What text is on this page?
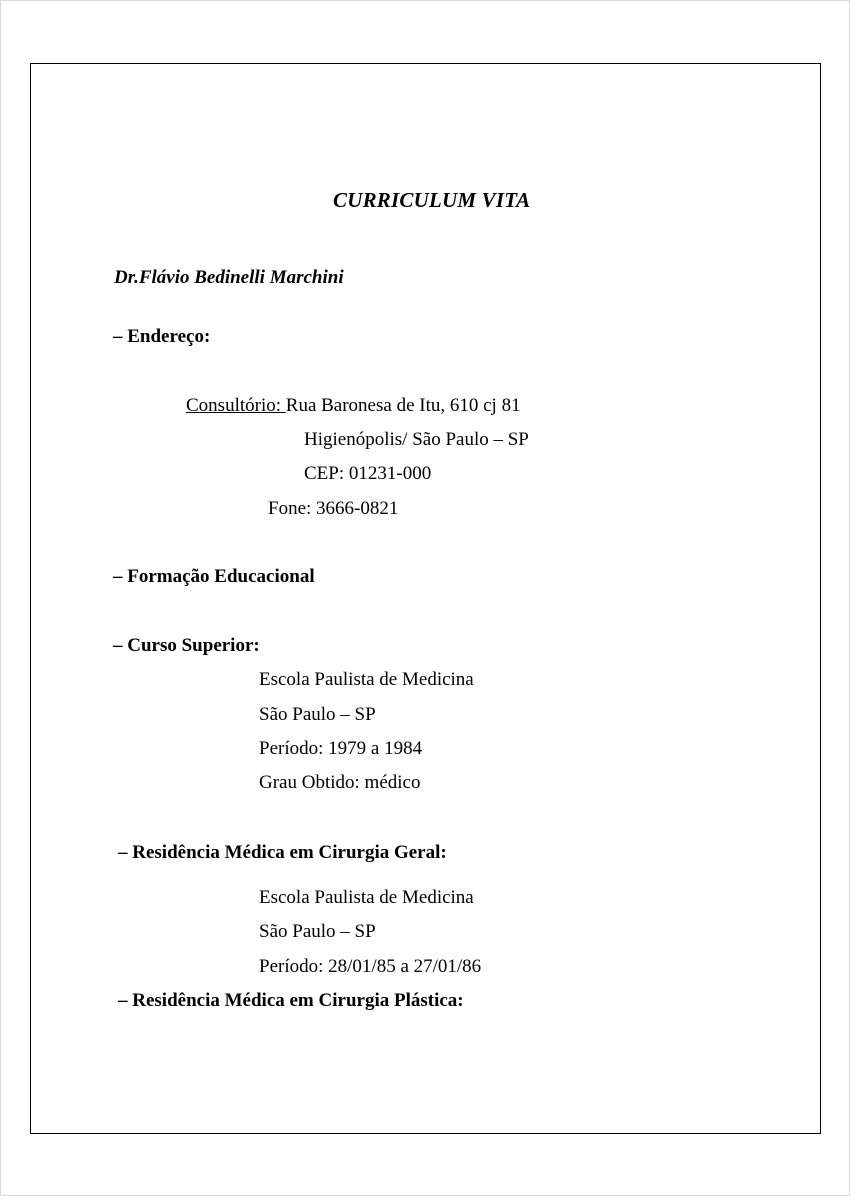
CURRICULUM VITA
Dr.Flávio Bedinelli Marchini
– Endereço:
Consultório: Rua Baronesa de Itu, 610 cj 81
Higienópolis/ São Paulo – SP
CEP: 01231-000
Fone: 3666-0821
– Formação Educacional
– Curso Superior:
Escola Paulista de Medicina
São Paulo – SP
Período: 1979 a 1984
Grau Obtido: médico
– Residência Médica em Cirurgia Geral:
Escola Paulista de Medicina
São Paulo – SP
Período: 28/01/85 a 27/01/86
– Residência Médica em Cirurgia Plástica:
